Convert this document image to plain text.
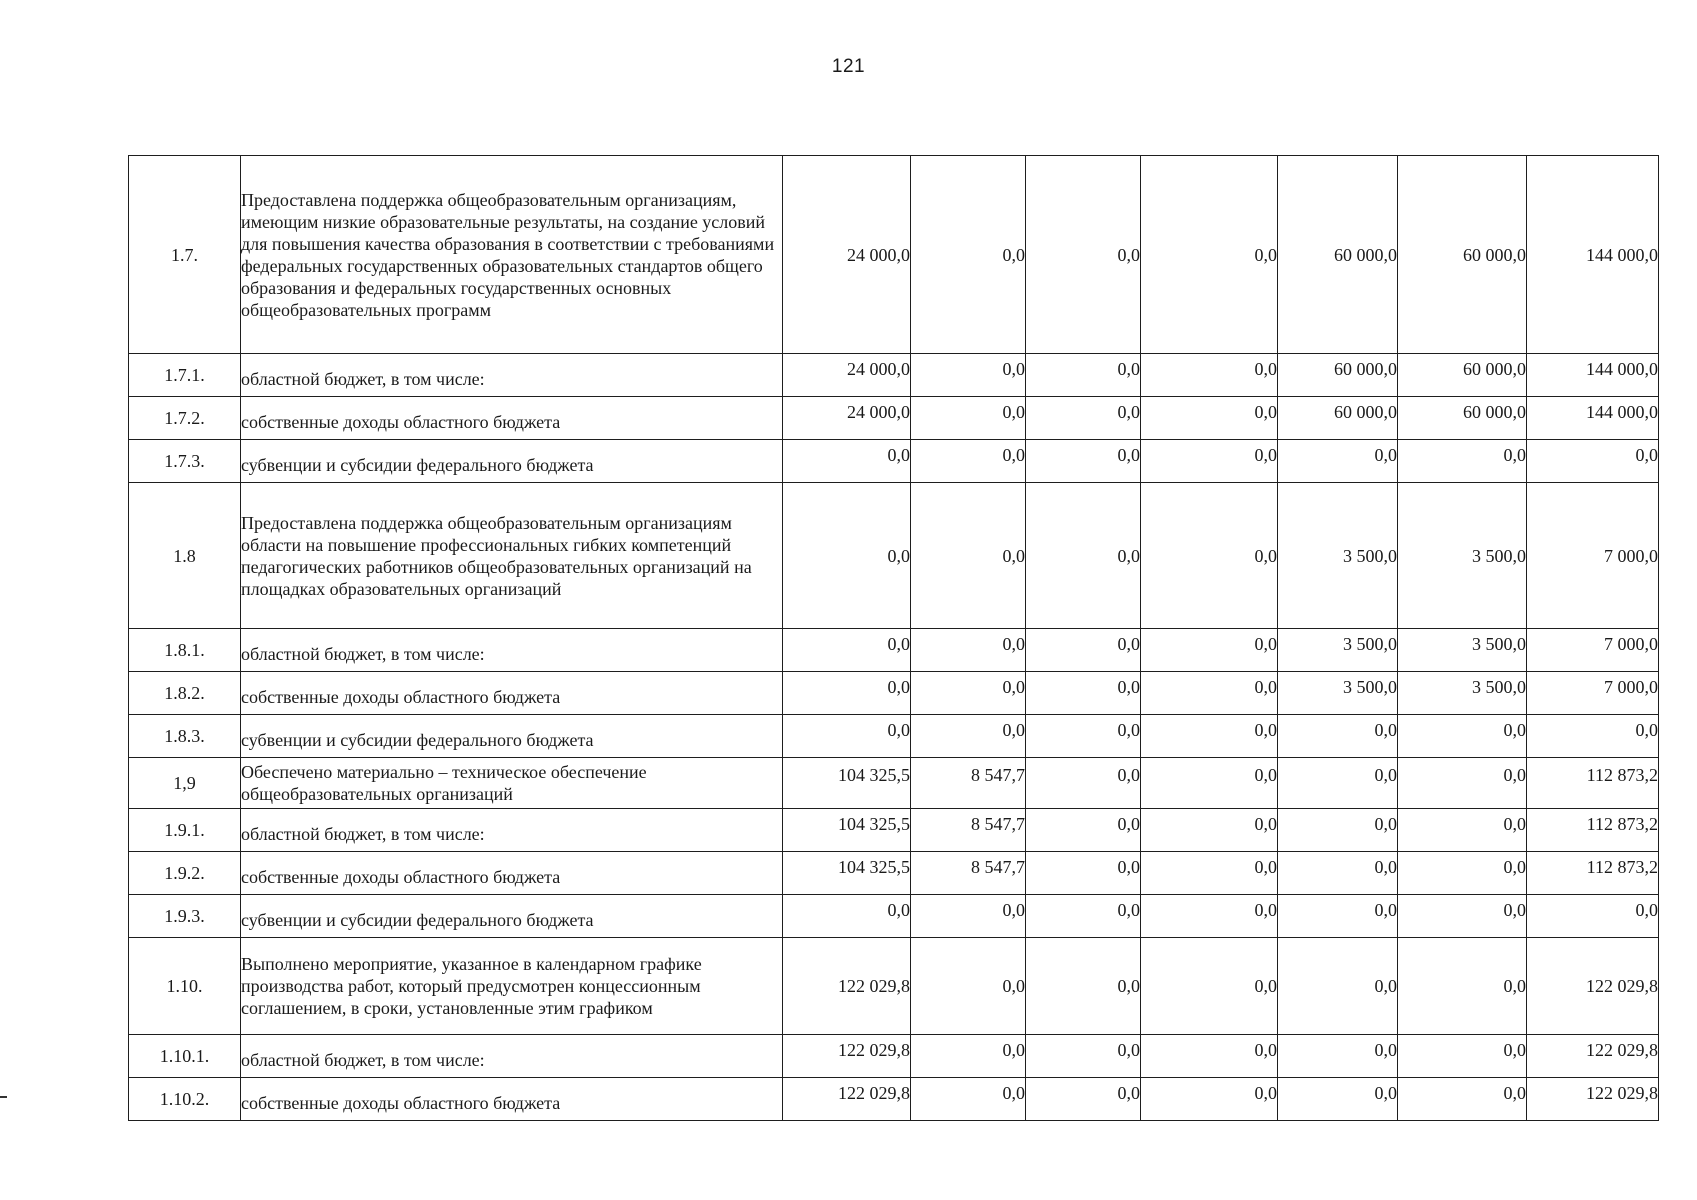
121
1.7.	Предоставлена поддержка общеобразовательным организациям, имеющим низкие образовательные результаты, на создание условий для повышения качества образования в соответствии с требованиями федеральных государственных образовательных стандартов общего образования и федеральных государственных основных общеобразовательных программ	24 000,0	0,0	0,0	0,0	60 000,0	60 000,0	144 000,0
1.7.1.	областной бюджет, в том числе:	24 000,0	0,0	0,0	0,0	60 000,0	60 000,0	144 000,0
1.7.2.	собственные доходы областного бюджета	24 000,0	0,0	0,0	0,0	60 000,0	60 000,0	144 000,0
1.7.3.	субвенции и субсидии федерального бюджета	0,0	0,0	0,0	0,0	0,0	0,0	0,0
1.8	Предоставлена поддержка общеобразовательным организациям области на повышение профессиональных гибких компетенций педагогических работников общеобразовательных организаций на площадках образовательных организаций	0,0	0,0	0,0	0,0	3 500,0	3 500,0	7 000,0
1.8.1.	областной бюджет, в том числе:	0,0	0,0	0,0	0,0	3 500,0	3 500,0	7 000,0
1.8.2.	собственные доходы областного бюджета	0,0	0,0	0,0	0,0	3 500,0	3 500,0	7 000,0
1.8.3.	субвенции и субсидии федерального бюджета	0,0	0,0	0,0	0,0	0,0	0,0	0,0
1,9	Обеспечено материально – техническое обеспечение общеобразовательных организаций	104 325,5	8 547,7	0,0	0,0	0,0	0,0	112 873,2
1.9.1.	областной бюджет, в том числе:	104 325,5	8 547,7	0,0	0,0	0,0	0,0	112 873,2
1.9.2.	собственные доходы областного бюджета	104 325,5	8 547,7	0,0	0,0	0,0	0,0	112 873,2
1.9.3.	субвенции и субсидии федерального бюджета	0,0	0,0	0,0	0,0	0,0	0,0	0,0
1.10.	Выполнено мероприятие, указанное в календарном графике производства работ, который предусмотрен концессионным соглашением, в сроки, установленные этим графиком	122 029,8	0,0	0,0	0,0	0,0	0,0	122 029,8
1.10.1.	областной бюджет, в том числе:	122 029,8	0,0	0,0	0,0	0,0	0,0	122 029,8
1.10.2.	собственные доходы областного бюджета	122 029,8	0,0	0,0	0,0	0,0	0,0	122 029,8
